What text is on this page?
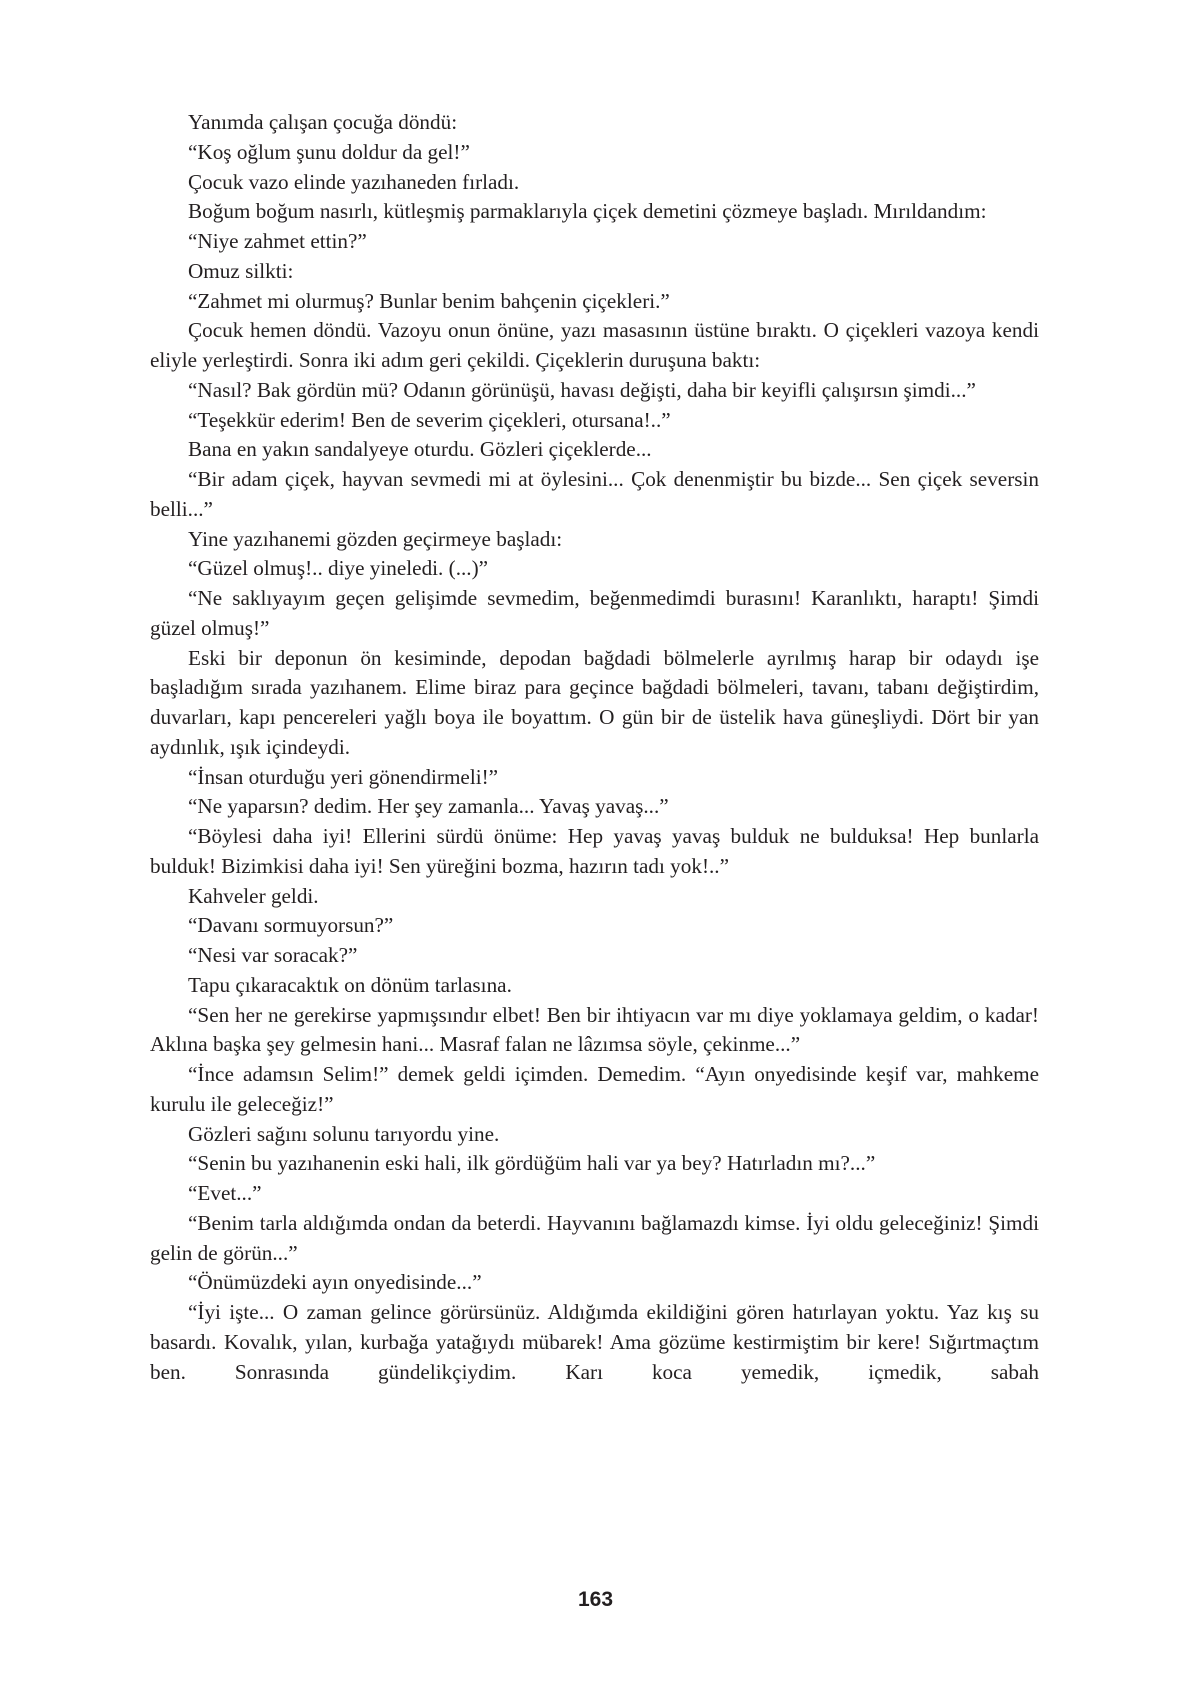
Yanımda çalışan çocuğa döndü:

“Koş oğlum şunu doldur da gel!”

Çocuk vazo elinde yazıhaneden fırladı.

Boğum boğum nasırlı, kütleşmiş parmaklarıyla çiçek demetini çözmeye başladı. Mırıldandım:

“Niye zahmet ettin?”

Omuz silkti:

“Zahmet mi olurmuş? Bunlar benim bahçenin çiçekleri.”

Çocuk hemen döndü. Vazoyu onun önüne, yazı masasının üstüne bıraktı. O çiçekleri vazoya kendi eliyle yerleştirdi. Sonra iki adım geri çekildi. Çiçeklerin duruşuna baktı:

“Nasıl? Bak gördün mü? Odanın görünüşü, havası değişti, daha bir keyifli çalışırsın şimdi...”

“Teşekkür ederim! Ben de severim çiçekleri, otursana!..”

Bana en yakın sandalyeye oturdu. Gözleri çiçeklerde...

“Bir adam çiçek, hayvan sevmedi mi at öylesini... Çok denenmiştir bu bizde... Sen çiçek seversin belli...”

Yine yazıhanemi gözden geçirmeye başladı:

“Güzel olmuş!.. diye yineledi. (...)”

“Ne saklıyayım geçen gelişimde sevmedim, beğenmedimdi burasını! Karanlıktı, haraptı! Şimdi güzel olmuş!”

Eski bir deponun ön kesiminde, depodan bağdadi bölmelerle ayrılmış harap bir odaydı işe başladığım sırada yazıhanem. Elime biraz para geçince bağdadi bölmeleri, tavanı, tabanı değiştirdim, duvarları, kapı pencereleri yağlı boya ile boyattım. O gün bir de üstelik hava güneşliydi. Dört bir yan aydınlık, ışık içindeydi.

“İnsan oturduğu yeri gönendirmeli!”

“Ne yaparsın? dedim. Her şey zamanla... Yavaş yavaş...”

“Böylesi daha iyi! Ellerini sürdü önüme: Hep yavaş yavaş bulduk ne bulduksa! Hep bunlarla bulduk! Bizimkisi daha iyi! Sen yüreğini bozma, hazırın tadı yok!..”

Kahveler geldi.

“Davanı sormuyorsun?”

“Nesi var soracak?”

Tapu çıkaracaktık on dönüm tarlasına.

“Sen her ne gerekirse yapmışsındır elbet! Ben bir ihtiyacın var mı diye yoklamaya geldim, o kadar! Aklına başka şey gelmesin hani... Masraf falan ne lâzımsa söyle, çekinme...”

“İnce adamsın Selim!” demek geldi içimden. Demedim. “Ayın onyedisinde keşif var, mahkeme kurulu ile geleceğiz!”

Gözleri sağını solunu tarıyordu yine.

“Senin bu yazıhanenin eski hali, ilk gördüğüm hali var ya bey? Hatırladın mı?...”

“Evet...”

“Benim tarla aldığımda ondan da beterdi. Hayvanını bağlamazdı kimse. İyi oldu geleceğiniz! Şimdi gelin de görün...”

“Önümüzdeki ayın onyedisinde...”

“İyi işte... O zaman gelince görürsünüz. Aldığımda ekildiğini gören hatırlayan yoktu. Yaz kış su basardı. Kovalık, yılan, kurbağa yatağıydı mübarek! Ama gözüme kestirmiştim bir kere! Sığırtmaçtım ben. Sonrasında gündelikçiydim. Karı koca yemedik, içmedik, sabah

163
